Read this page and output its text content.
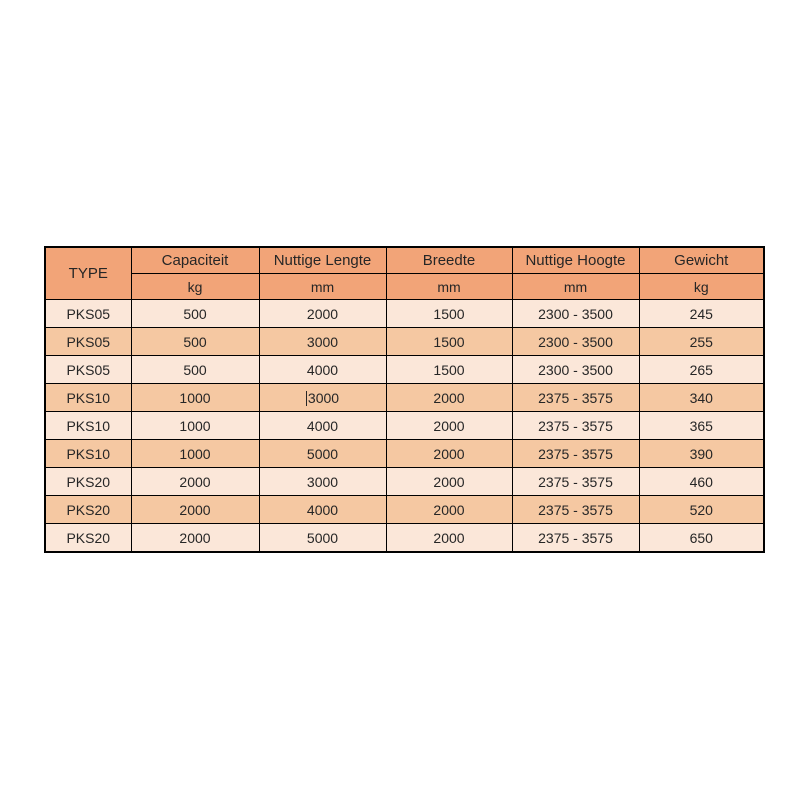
TYPE	Capaciteit	Nuttige Lengte	Breedte	Nuttige Hoogte	Gewicht
	kg	mm	mm	mm	kg
PKS05	500	2000	1500	2300 - 3500	245
PKS05	500	3000	1500	2300 - 3500	255
PKS05	500	4000	1500	2300 - 3500	265
PKS10	1000	3000	2000	2375 - 3575	340
PKS10	1000	4000	2000	2375 - 3575	365
PKS10	1000	5000	2000	2375 - 3575	390
PKS20	2000	3000	2000	2375 - 3575	460
PKS20	2000	4000	2000	2375 - 3575	520
PKS20	2000	5000	2000	2375 - 3575	650
